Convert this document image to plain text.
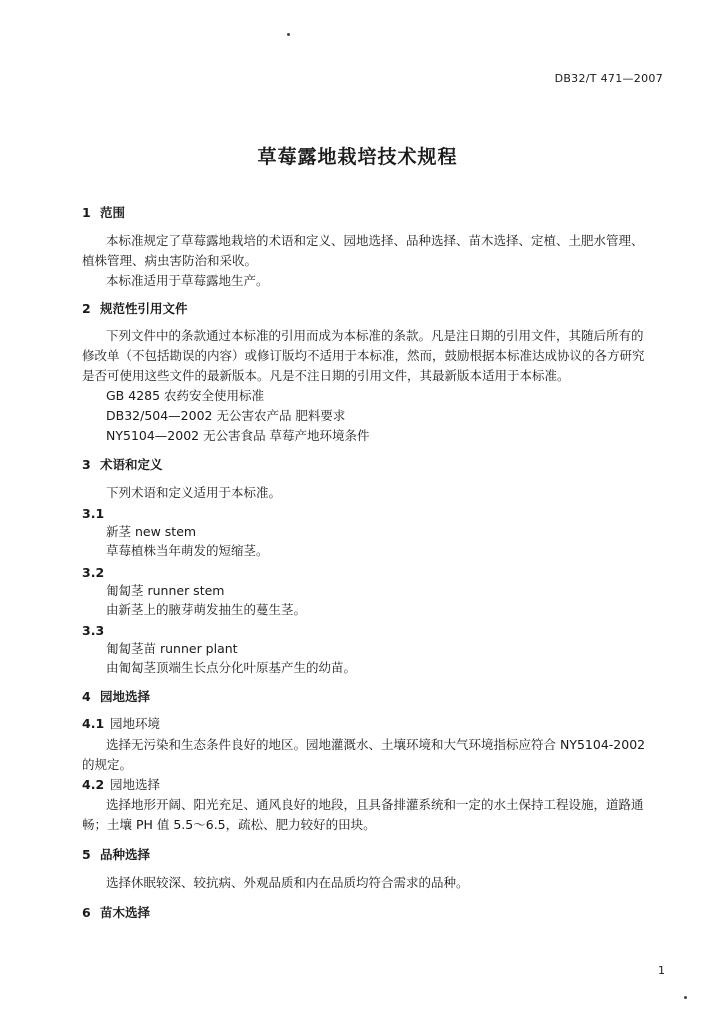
DB32/T 471—2007
草莓露地栽培技术规程
1 范围
本标准规定了草莓露地栽培的术语和定义、园地选择、品种选择、苗木选择、定植、土肥水管理、
植株管理、病虫害防治和采收。
本标准适用于草莓露地生产。
2 规范性引用文件
下列文件中的条款通过本标准的引用而成为本标准的条款。凡是注日期的引用文件，其随后所有的
修改单（不包括勘误的内容）或修订版均不适用于本标准，然而，鼓励根据本标准达成协议的各方研究
是否可使用这些文件的最新版本。凡是不注日期的引用文件，其最新版本适用于本标准。
GB 4285 农药安全使用标准
DB32/504—2002 无公害农产品 肥料要求
NY5104—2002 无公害食品 草莓产地环境条件
3 术语和定义
下列术语和定义适用于本标准。
3.1
新茎 new stem
草莓植株当年萌发的短缩茎。
3.2
匍匐茎 runner stem
由新茎上的腋芽萌发抽生的蔓生茎。
3.3
匍匐茎苗 runner plant
由匍匐茎顶端生长点分化叶原基产生的幼苗。
4 园地选择
4.1 园地环境
选择无污染和生态条件良好的地区。园地灌溉水、土壤环境和大气环境指标应符合 NY5104-2002
的规定。
4.2 园地选择
选择地形开阔、阳光充足、通风良好的地段，且具备排灌系统和一定的水土保持工程设施，道路通
畅；土壤 PH 值 5.5～6.5，疏松、肥力较好的田块。
5 品种选择
选择休眠较深、较抗病、外观品质和内在品质均符合需求的品种。
6 苗木选择
1
